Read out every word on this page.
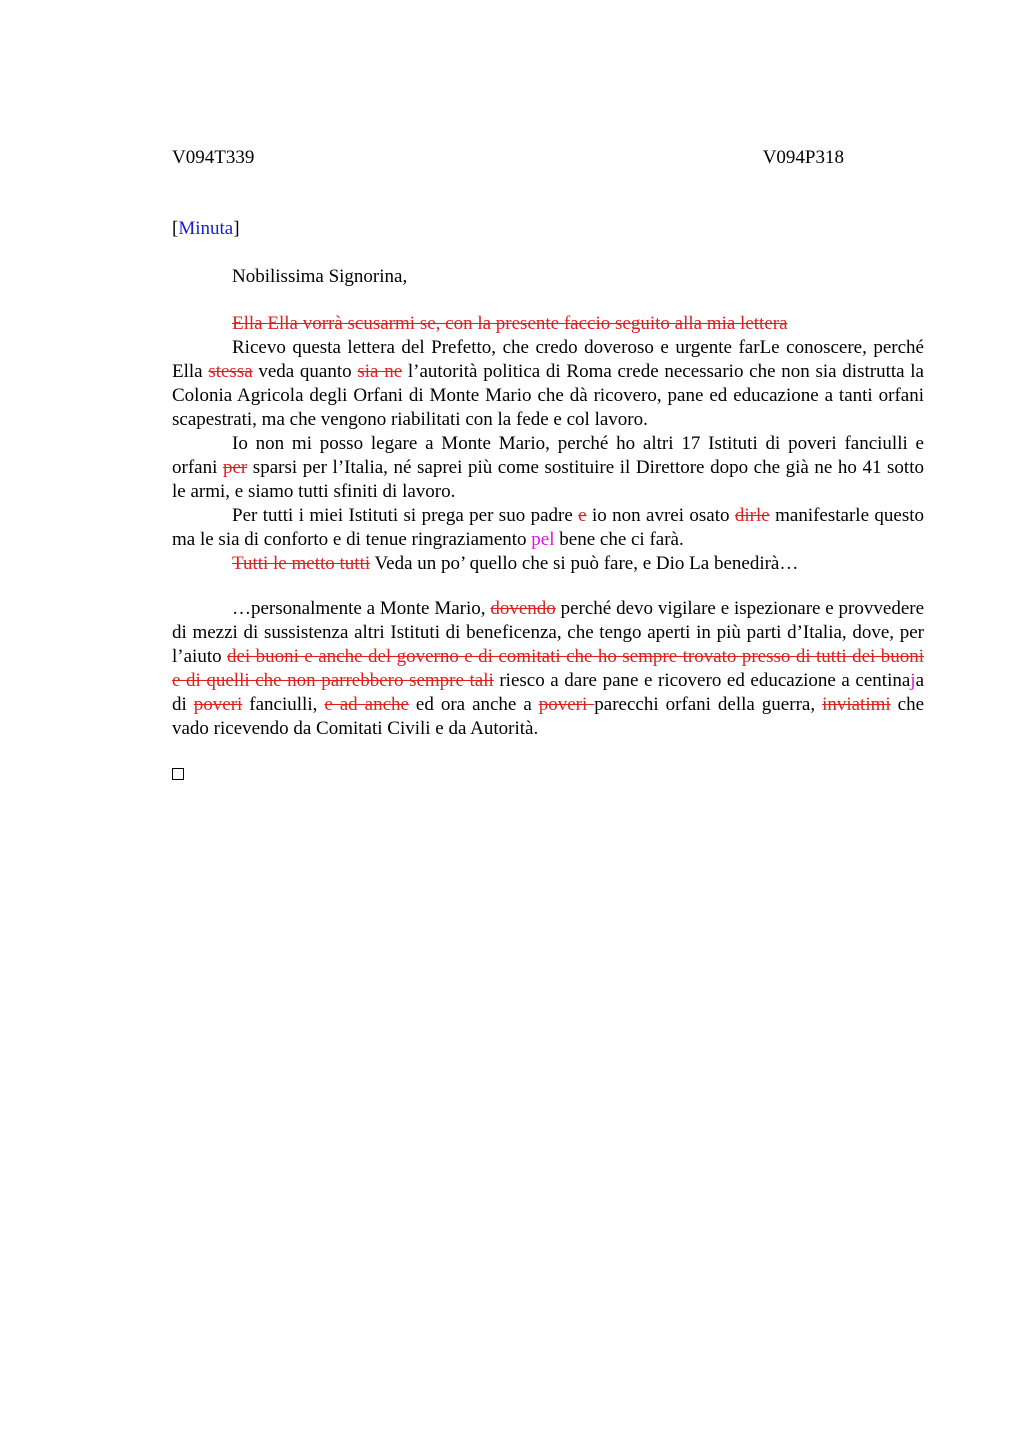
V094T339	V094P318
[Minuta]
Nobilissima Signorina,

Ella Ella vorrà scusarmi se, con la presente faccio seguito alla mia lettera

Ricevo questa lettera del Prefetto, che credo doveroso e urgente farLe conoscere, perché Ella stessa veda quanto sia ne l’autorità politica di Roma crede necessario che non sia distrutta la Colonia Agricola degli Orfani di Monte Mario che dà ricovero, pane ed educazione a tanti orfani scapestrati, ma che vengono riabilitati con la fede e col lavoro.

Io non mi posso legare a Monte Mario, perché ho altri 17 Istituti di poveri fanciulli e orfani per sparsi per l’Italia, né saprei più come sostituire il Direttore dopo che già ne ho 41 sotto le armi, e siamo tutti sfiniti di lavoro.

Per tutti i miei Istituti si prega per suo padre e io non avrei osato dirle manifestarle questo ma le sia di conforto e di tenue ringraziamento pel bene che ci farà.

Tutti le metto tutti Veda un po’ quello che si può fare, e Dio La benedirà…

…personalmente a Monte Mario, dovendo perché devo vigilare e ispezionare e provvedere di mezzi di sussistenza altri Istituti di beneficenza, che tengo aperti in più parti d’Italia, dove, per l’aiuto dei buoni e anche del governo e di comitati che ho sempre trovato presso di tutti dei buoni e di quelli che non parrebbero sempre tali riesco a dare pane e ricovero ed educazione a centinaja di poveri fanciulli, e ad anche ed ora anche a poveri parecchi orfani della guerra, inviatimi che vado ricevendo da Comitati Civili e da Autorità.
